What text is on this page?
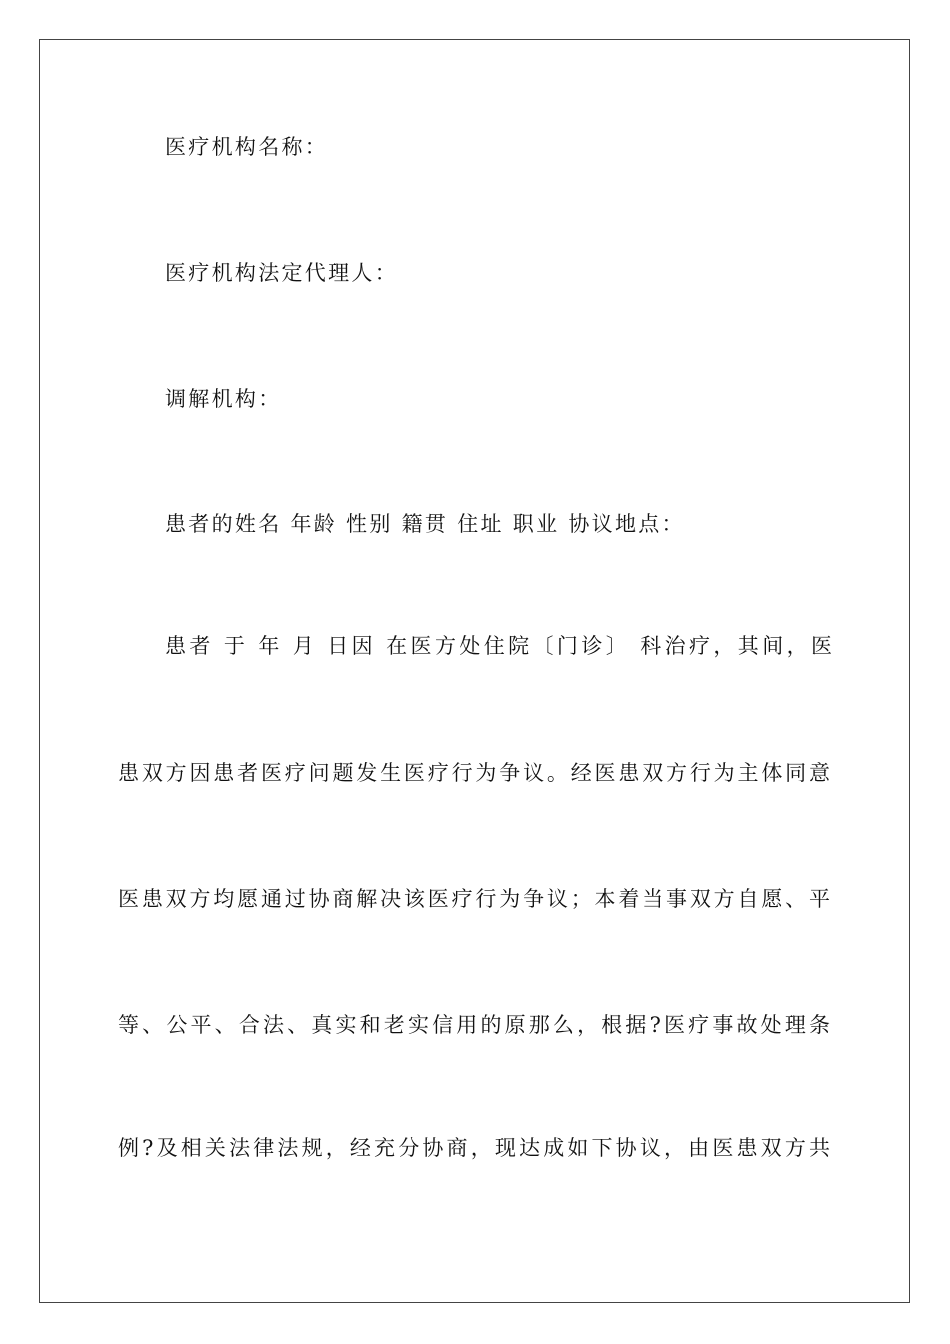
医疗机构名称：
医疗机构法定代理人：
调解机构：
患者的姓名 年龄 性别 籍贯 住址 职业 协议地点：
患者 于 年 月 日因 在医方处住院〔门诊〕 科治疗，其间，医
患双方因患者医疗问题发生医疗行为争议。经医患双方行为主体同意
医患双方均愿通过协商解决该医疗行为争议；本着当事双方自愿、平
等、公平、合法、真实和老实信用的原那么，根据?医疗事故处理条
例?及相关法律法规，经充分协商，现达成如下协议，由医患双方共
